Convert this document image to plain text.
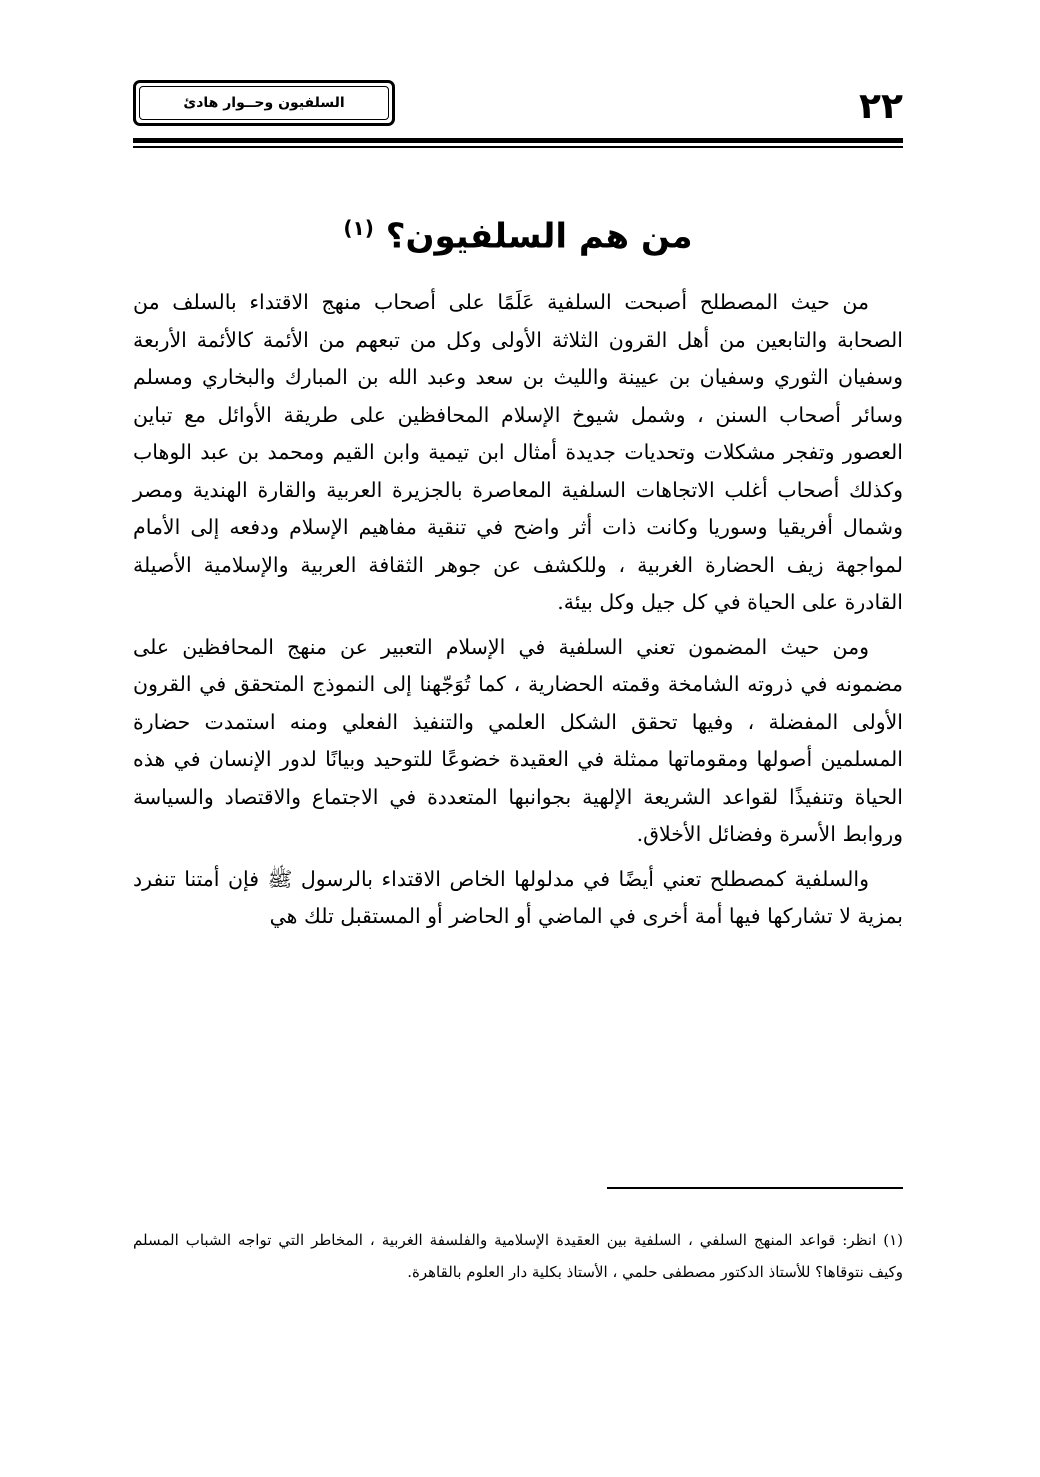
٢٢
السلفيون وحــوار هادئ
من هم السلفيون؟ $^{(١)}$

من حيث المصطلح أصبحت السلفية عَلَمًا على أصحاب منهج الاقتداء بالسلف من الصحابة والتابعين من أهل القرون الثلاثة الأولى وكل من تبعهم من الأئمة كالأئمة الأربعة وسفيان الثوري وسفيان بن عيينة والليث بن سعد وعبد الله بن المبارك والبخاري ومسلم وسائر أصحاب السنن ، وشمل شيوخ الإسلام المحافظين على طريقة الأوائل مع تباين العصور وتفجر مشكلات وتحديات جديدة أمثال ابن تيمية وابن القيم ومحمد بن عبد الوهاب وكذلك أصحاب أغلب الاتجاهات السلفية المعاصرة بالجزيرة العربية والقارة الهندية ومصر وشمال أفريقيا وسوريا وكانت ذات أثر واضح في تنقية مفاهيم الإسلام ودفعه إلى الأمام لمواجهة زيف الحضارة الغربية ، وللكشف عن جوهر الثقافة العربية والإسلامية الأصيلة القادرة على الحياة في كل جيل وكل بيئة.

ومن حيث المضمون تعني السلفية في الإسلام التعبير عن منهج المحافظين على مضمونه في ذروته الشامخة وقمته الحضارية ، كما تُوَجّهنا إلى النموذج المتحقق في القرون الأولى المفضلة ، وفيها تحقق الشكل العلمي والتنفيذ الفعلي ومنه استمدت حضارة المسلمين أصولها ومقوماتها ممثلة في العقيدة خضوعًا للتوحيد وبيانًا لدور الإنسان في هذه الحياة وتنفيذًا لقواعد الشريعة الإلهية بجوانبها المتعددة في الاجتماع والاقتصاد والسياسة وروابط الأسرة وفضائل الأخلاق.

والسلفية كمصطلح تعني أيضًا في مدلولها الخاص الاقتداء بالرسول ﷺ فإن أمتنا تنفرد بمزية لا تشاركها فيها أمة أخرى في الماضي أو الحاضر أو المستقبل تلك هي

(١) انظر: قواعد المنهج السلفي ، السلفية بين العقيدة الإسلامية والفلسفة الغربية ، المخاطر التي تواجه الشباب المسلم وكيف نتوقاها؟ للأستاذ الدكتور مصطفى حلمي ، الأستاذ بكلية دار العلوم بالقاهرة.
